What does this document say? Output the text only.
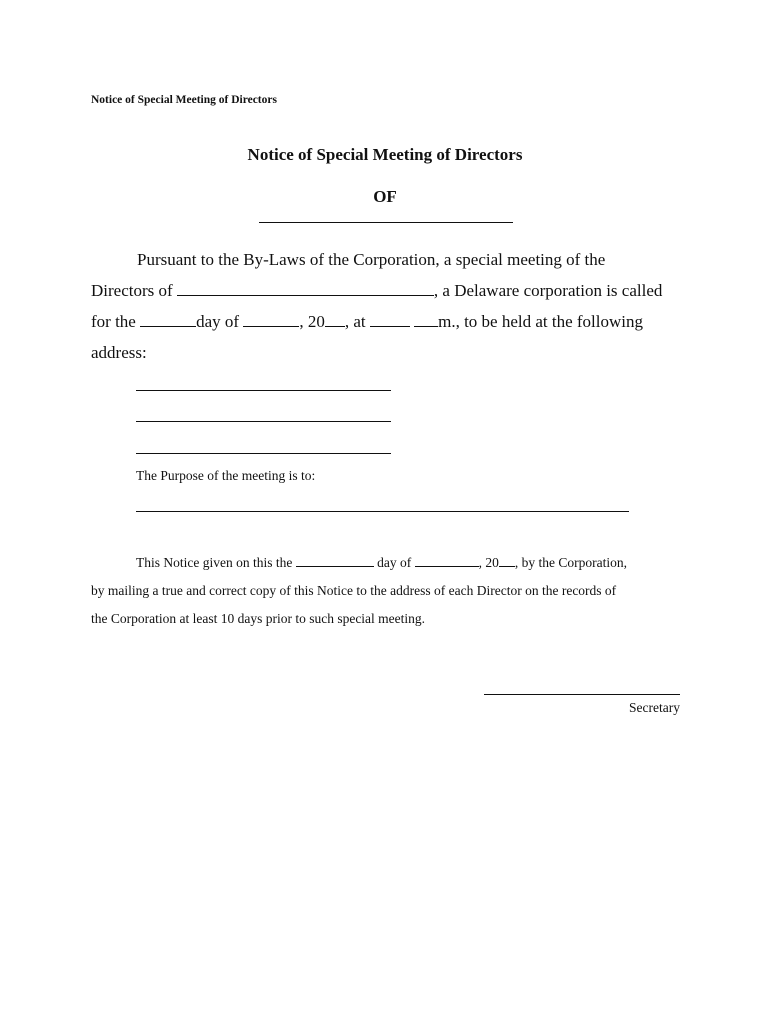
Notice of Special Meeting of Directors
Notice of Special Meeting of Directors
OF
Pursuant to the By-Laws of the Corporation, a special meeting of the
Directors of	, a Delaware corporation is called
for the	day of	, 20 , at	m., to be held at the following
address:
The Purpose of the meeting is to:
This Notice given on this the	day of	, 20 , by the Corporation,
by mailing a true and correct copy of this Notice to the address of each Director on the records of
the Corporation at least 10 days prior to such special meeting.
Secretary
